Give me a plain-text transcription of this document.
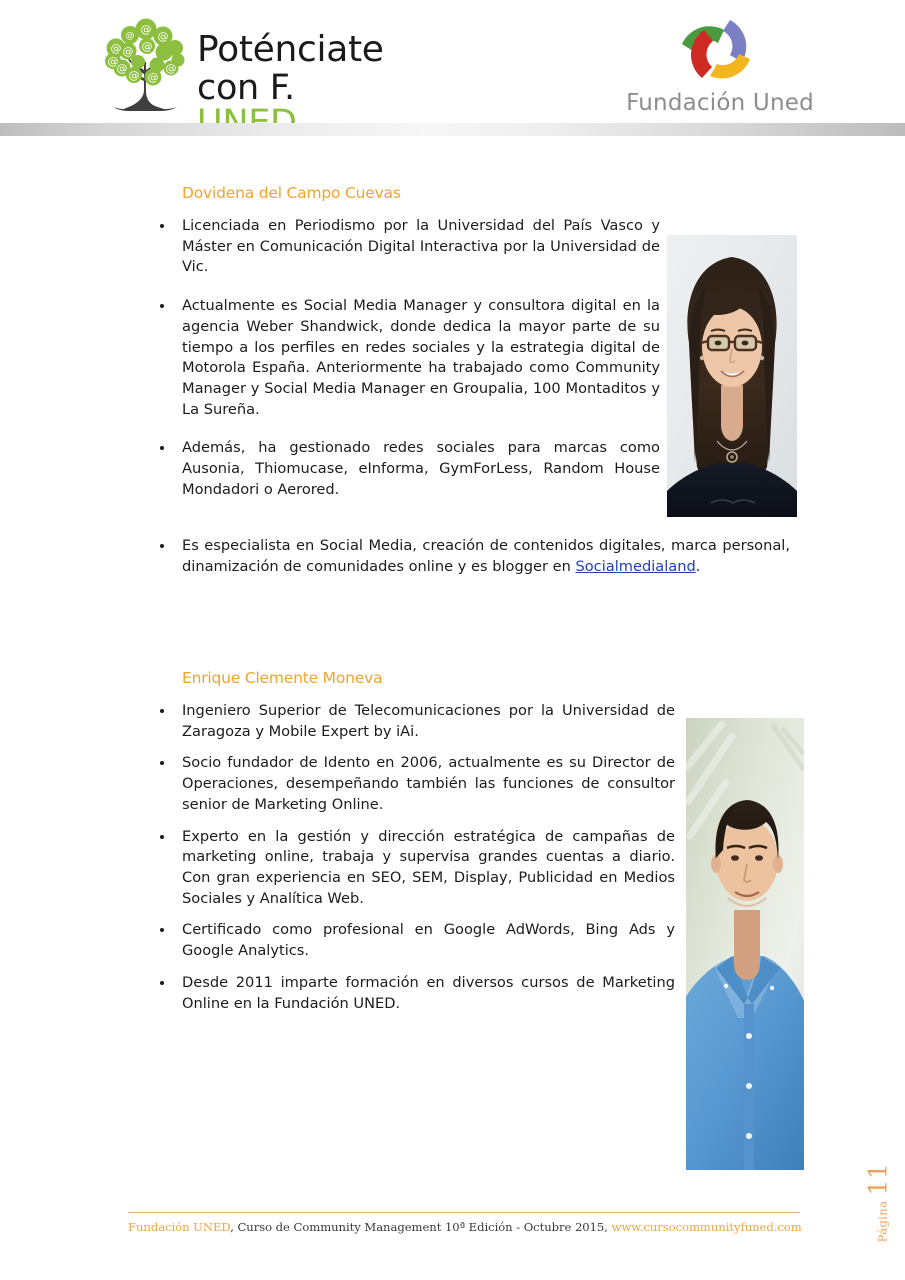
@
@
@
@
@ @
@
@
@
@
@ Poténciate
con F.	Fundación Uned
Dovidena del Campo Cuevas
Licenciada en Periodismo por la Universidad del País Vasco y Máster en Comunicación Digital Interactiva por la Universidad de Vic.
Actualmente es Social Media Manager y consultora digital en la agencia Weber Shandwick, donde dedica la mayor parte de su tiempo a los perfiles en redes sociales y la estrategia digital de Motorola España. Anteriormente ha trabajado como Community Manager y Social Media Manager en Groupalia, 100 Montaditos y La Sureña.
Además, ha gestionado redes sociales para marcas como Ausonia, Thiomucase, eInforma, GymForLess, Random House Mondadori o Aerored.
Es especialista en Social Media, creación de contenidos digitales, marca personal, dinamización de comunidades online y es blogger en Socialmedialand.
Enrique Clemente Moneva
Ingeniero Superior de Telecomunicaciones por la Universidad de Zaragoza y Mobile Expert by iAi.
Socio fundador de Idento en 2006, actualmente es su Director de Operaciones, desempeñando también las funciones de consultor senior de Marketing Online.
Experto en la gestión y dirección estratégica de campañas de marketing online, trabaja y supervisa grandes cuentas a diario. Con gran experiencia en SEO, SEM, Display, Publicidad en Medios Sociales y Analítica Web.
Certificado como profesional en Google AdWords, Bing Ads y Google Analytics.
Desde 2011 imparte formación en diversos cursos de Marketing Online en la Fundación UNED.
Página 11
Fundación UNED, Curso de Community Management 10ª Edición - Octubre 2015, www.cursocommunityfuned.com
